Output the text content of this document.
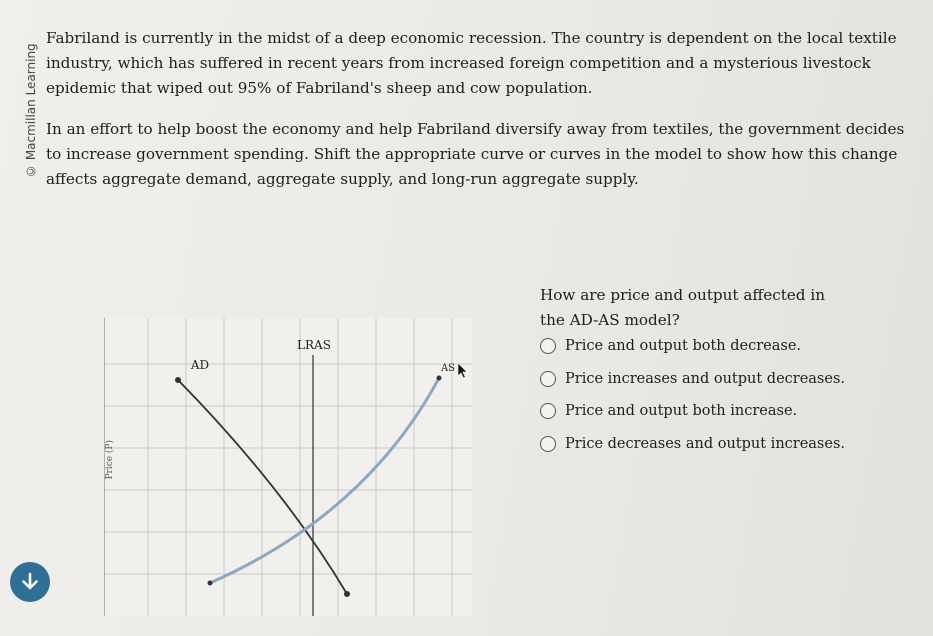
© Macmillan Learning

Fabriland is currently in the midst of a deep economic recession. The country is dependent on the local textile industry, which has suffered in recent years from increased foreign competition and a mysterious livestock epidemic that wiped out 95% of Fabriland's sheep and cow population.

In an effort to help boost the economy and help Fabriland diversify away from textiles, the government decides to increase government spending. Shift the appropriate curve or curves in the model to show how this change affects aggregate demand, aggregate supply, and long-run aggregate supply.

LRAS
AD	AS
Price (P)

How are price and output affected in the AD-AS model?

Price and output both decrease.
Price increases and output decreases.
Price and output both increase.
Price decreases and output increases.
